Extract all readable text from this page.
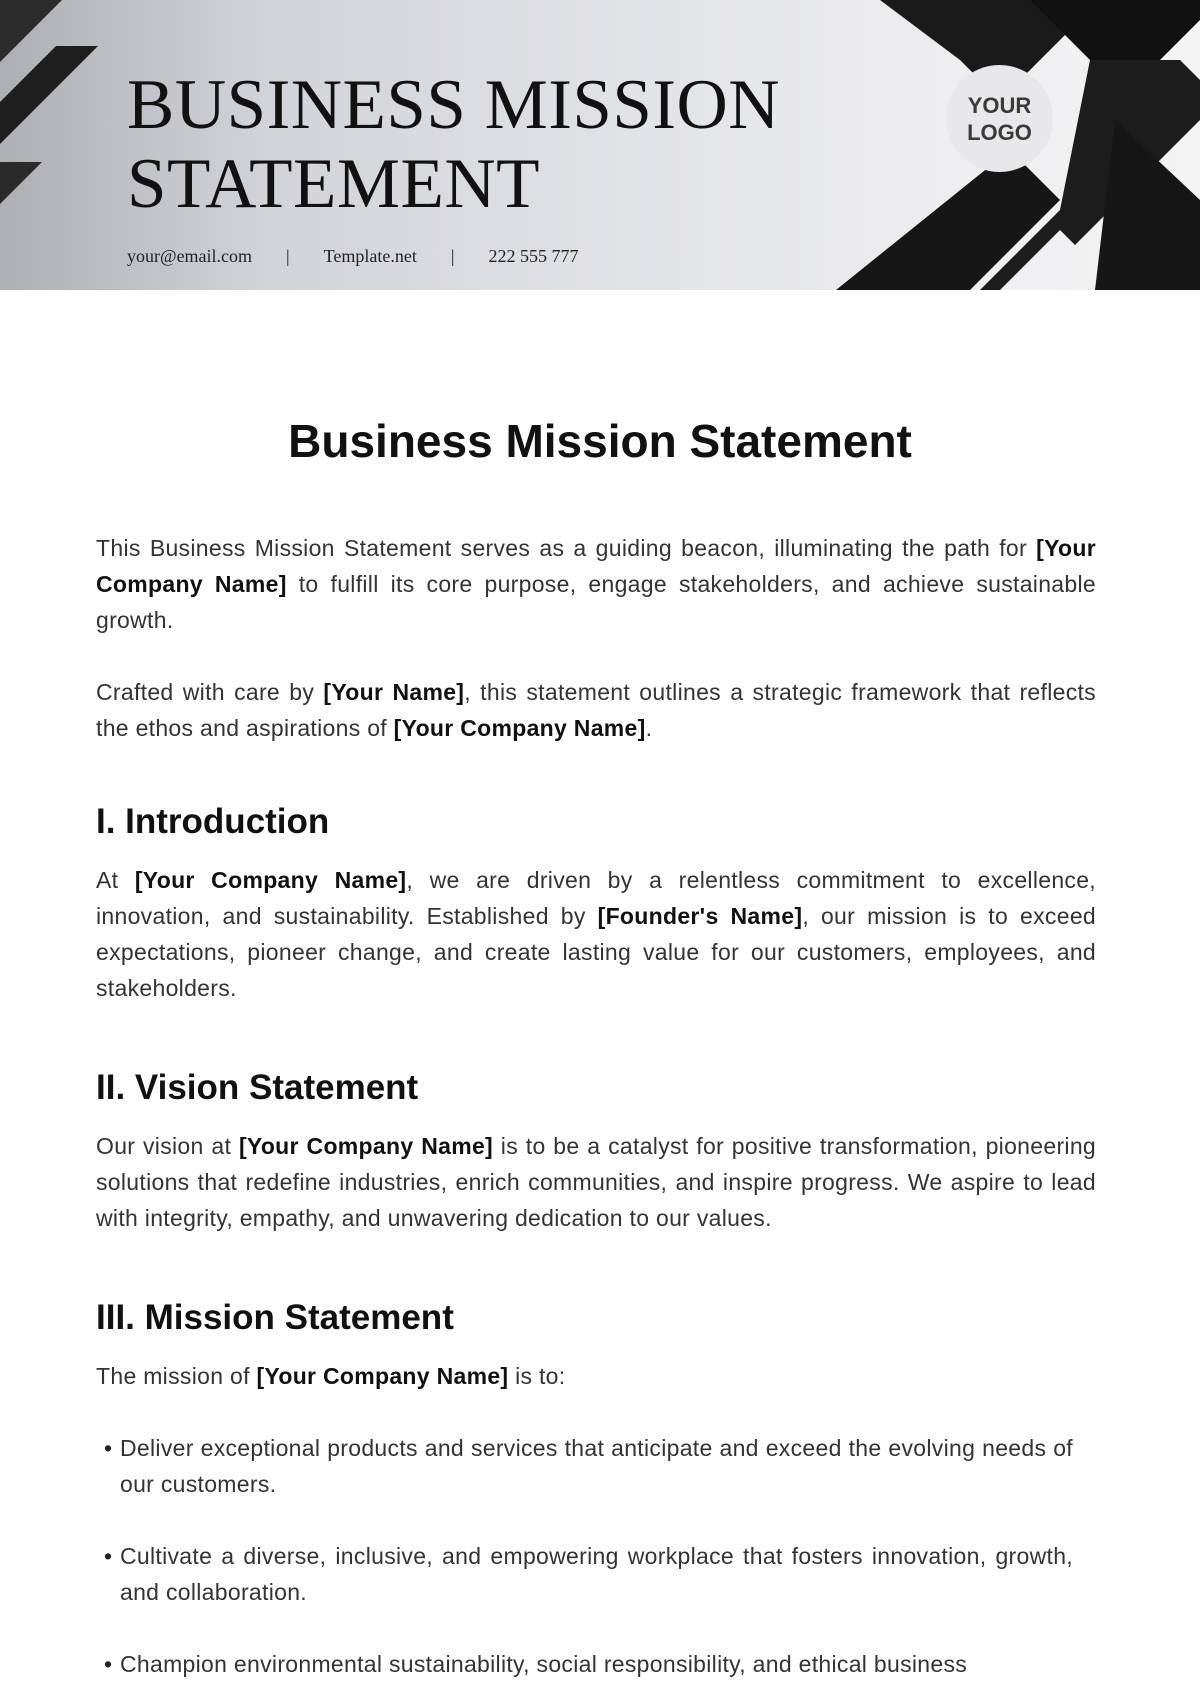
BUSINESS MISSION
STATEMENT
your@email.com | Template.net | 222 555 777
YOUR
LOGO
Business Mission Statement

This Business Mission Statement serves as a guiding beacon, illuminating the path for [Your Company Name] to fulfill its core purpose, engage stakeholders, and achieve sustainable growth.

Crafted with care by [Your Name], this statement outlines a strategic framework that reflects the ethos and aspirations of [Your Company Name].

I. Introduction

At [Your Company Name], we are driven by a relentless commitment to excellence, innovation, and sustainability. Established by [Founder's Name], our mission is to exceed expectations, pioneer change, and create lasting value for our customers, employees, and stakeholders.

II. Vision Statement

Our vision at [Your Company Name] is to be a catalyst for positive transformation, pioneering solutions that redefine industries, enrich communities, and inspire progress. We aspire to lead with integrity, empathy, and unwavering dedication to our values.

III. Mission Statement

The mission of [Your Company Name] is to:

• Deliver exceptional products and services that anticipate and exceed the evolving needs of our customers.
• Cultivate a diverse, inclusive, and empowering workplace that fosters innovation, growth, and collaboration.
• Champion environmental sustainability, social responsibility, and ethical business
